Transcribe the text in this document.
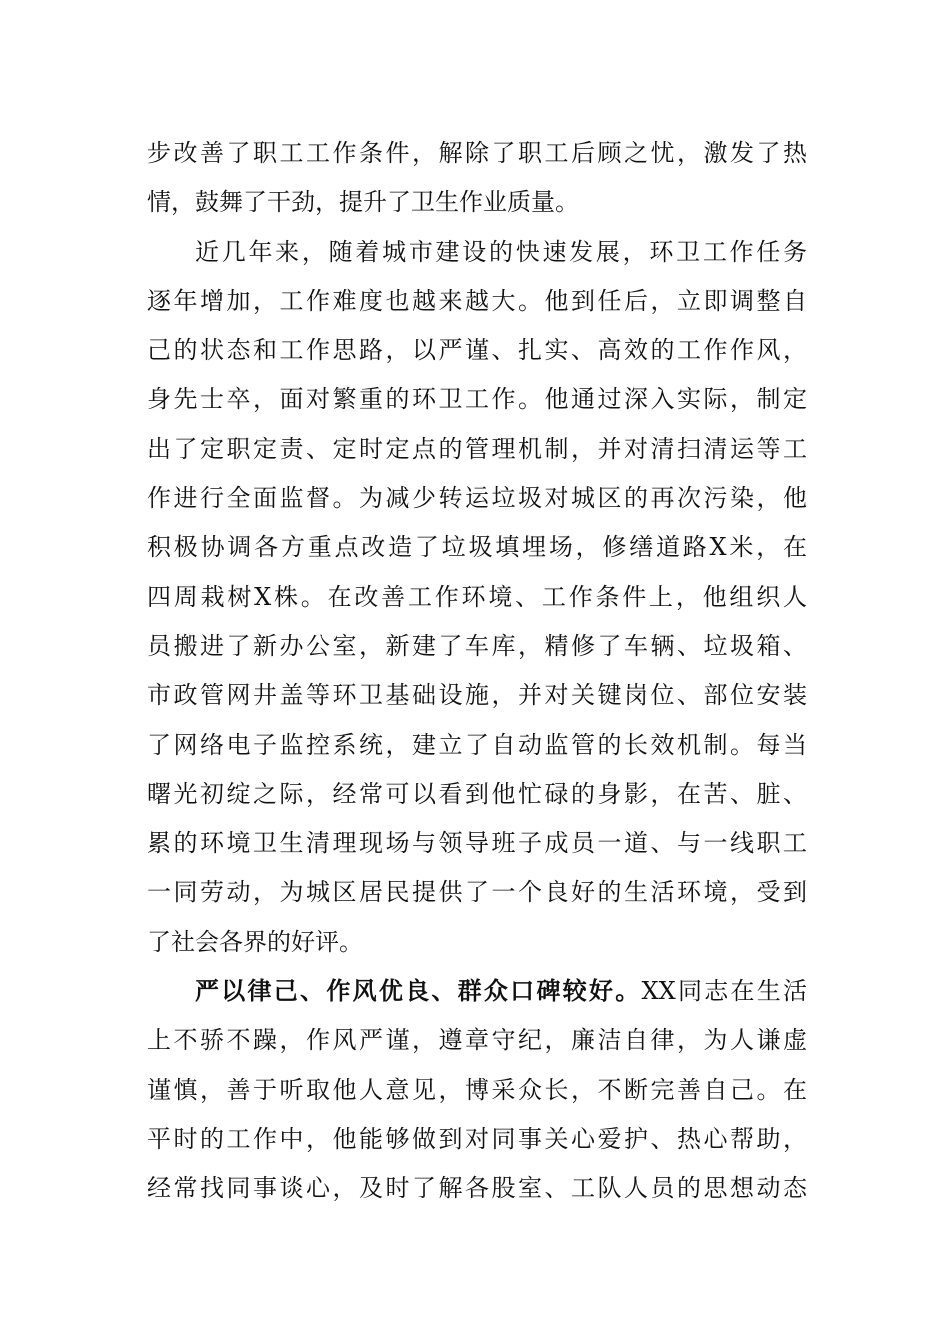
步改善了职工工作条件，解除了职工后顾之忧，激发了热
情，鼓舞了干劲，提升了卫生作业质量。
近几年来，随着城市建设的快速发展，环卫工作任务
逐年增加，工作难度也越来越大。他到任后，立即调整自
己的状态和工作思路，以严谨、扎实、高效的工作作风，
身先士卒，面对繁重的环卫工作。他通过深入实际，制定
出了定职定责、定时定点的管理机制，并对清扫清运等工
作进行全面监督。为减少转运垃圾对城区的再次污染，他
积极协调各方重点改造了垃圾填埋场，修缮道路X米，在
四周栽树X株。在改善工作环境、工作条件上，他组织人
员搬进了新办公室，新建了车库，精修了车辆、垃圾箱、
市政管网井盖等环卫基础设施，并对关键岗位、部位安装
了网络电子监控系统，建立了自动监管的长效机制。每当
曙光初绽之际，经常可以看到他忙碌的身影，在苦、脏、
累的环境卫生清理现场与领导班子成员一道、与一线职工
一同劳动，为城区居民提供了一个良好的生活环境，受到
了社会各界的好评。
严以律己、作风优良、群众口碑较好。XX同志在生活
上不骄不躁，作风严谨，遵章守纪，廉洁自律，为人谦虚
谨慎，善于听取他人意见，博采众长，不断完善自己。在
平时的工作中，他能够做到对同事关心爱护、热心帮助，
经常找同事谈心，及时了解各股室、工队人员的思想动态
